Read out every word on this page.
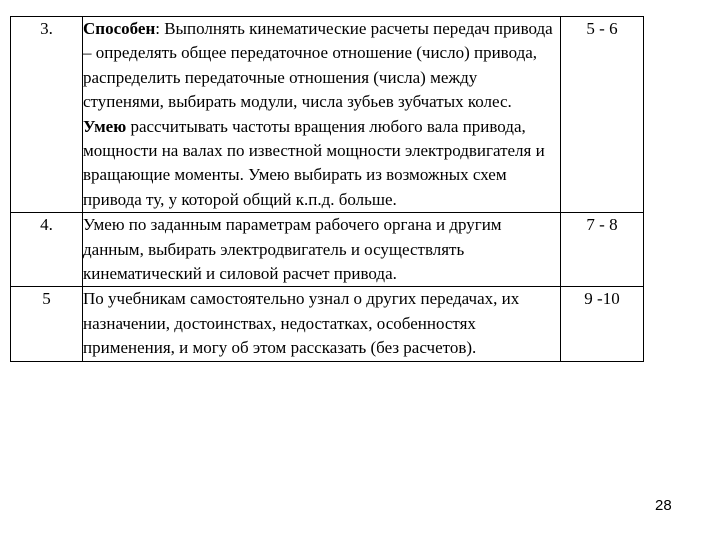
3.	Способен: Выполнять кинематические расчеты передач привода – определять общее передаточное отношение (число) привода, распределить передаточные отношения (числа) между ступенями, выбирать модули, числа зубьев зубчатых колес.
Умею рассчитывать частоты вращения любого вала привода, мощности на валах по известной мощности электродвигателя и вращающие моменты. Умею выбирать из возможных схем привода ту, у которой общий к.п.д. больше.	5 - 6
4.	Умею по заданным параметрам рабочего органа и другим данным, выбирать электродвигатель и осуществлять кинематический и силовой расчет привода.	7 - 8
5	По учебникам самостоятельно узнал о других передачах, их назначении, достоинствах, недостатках, особенностях применения, и могу об этом рассказать (без расчетов).	9 -10
28
